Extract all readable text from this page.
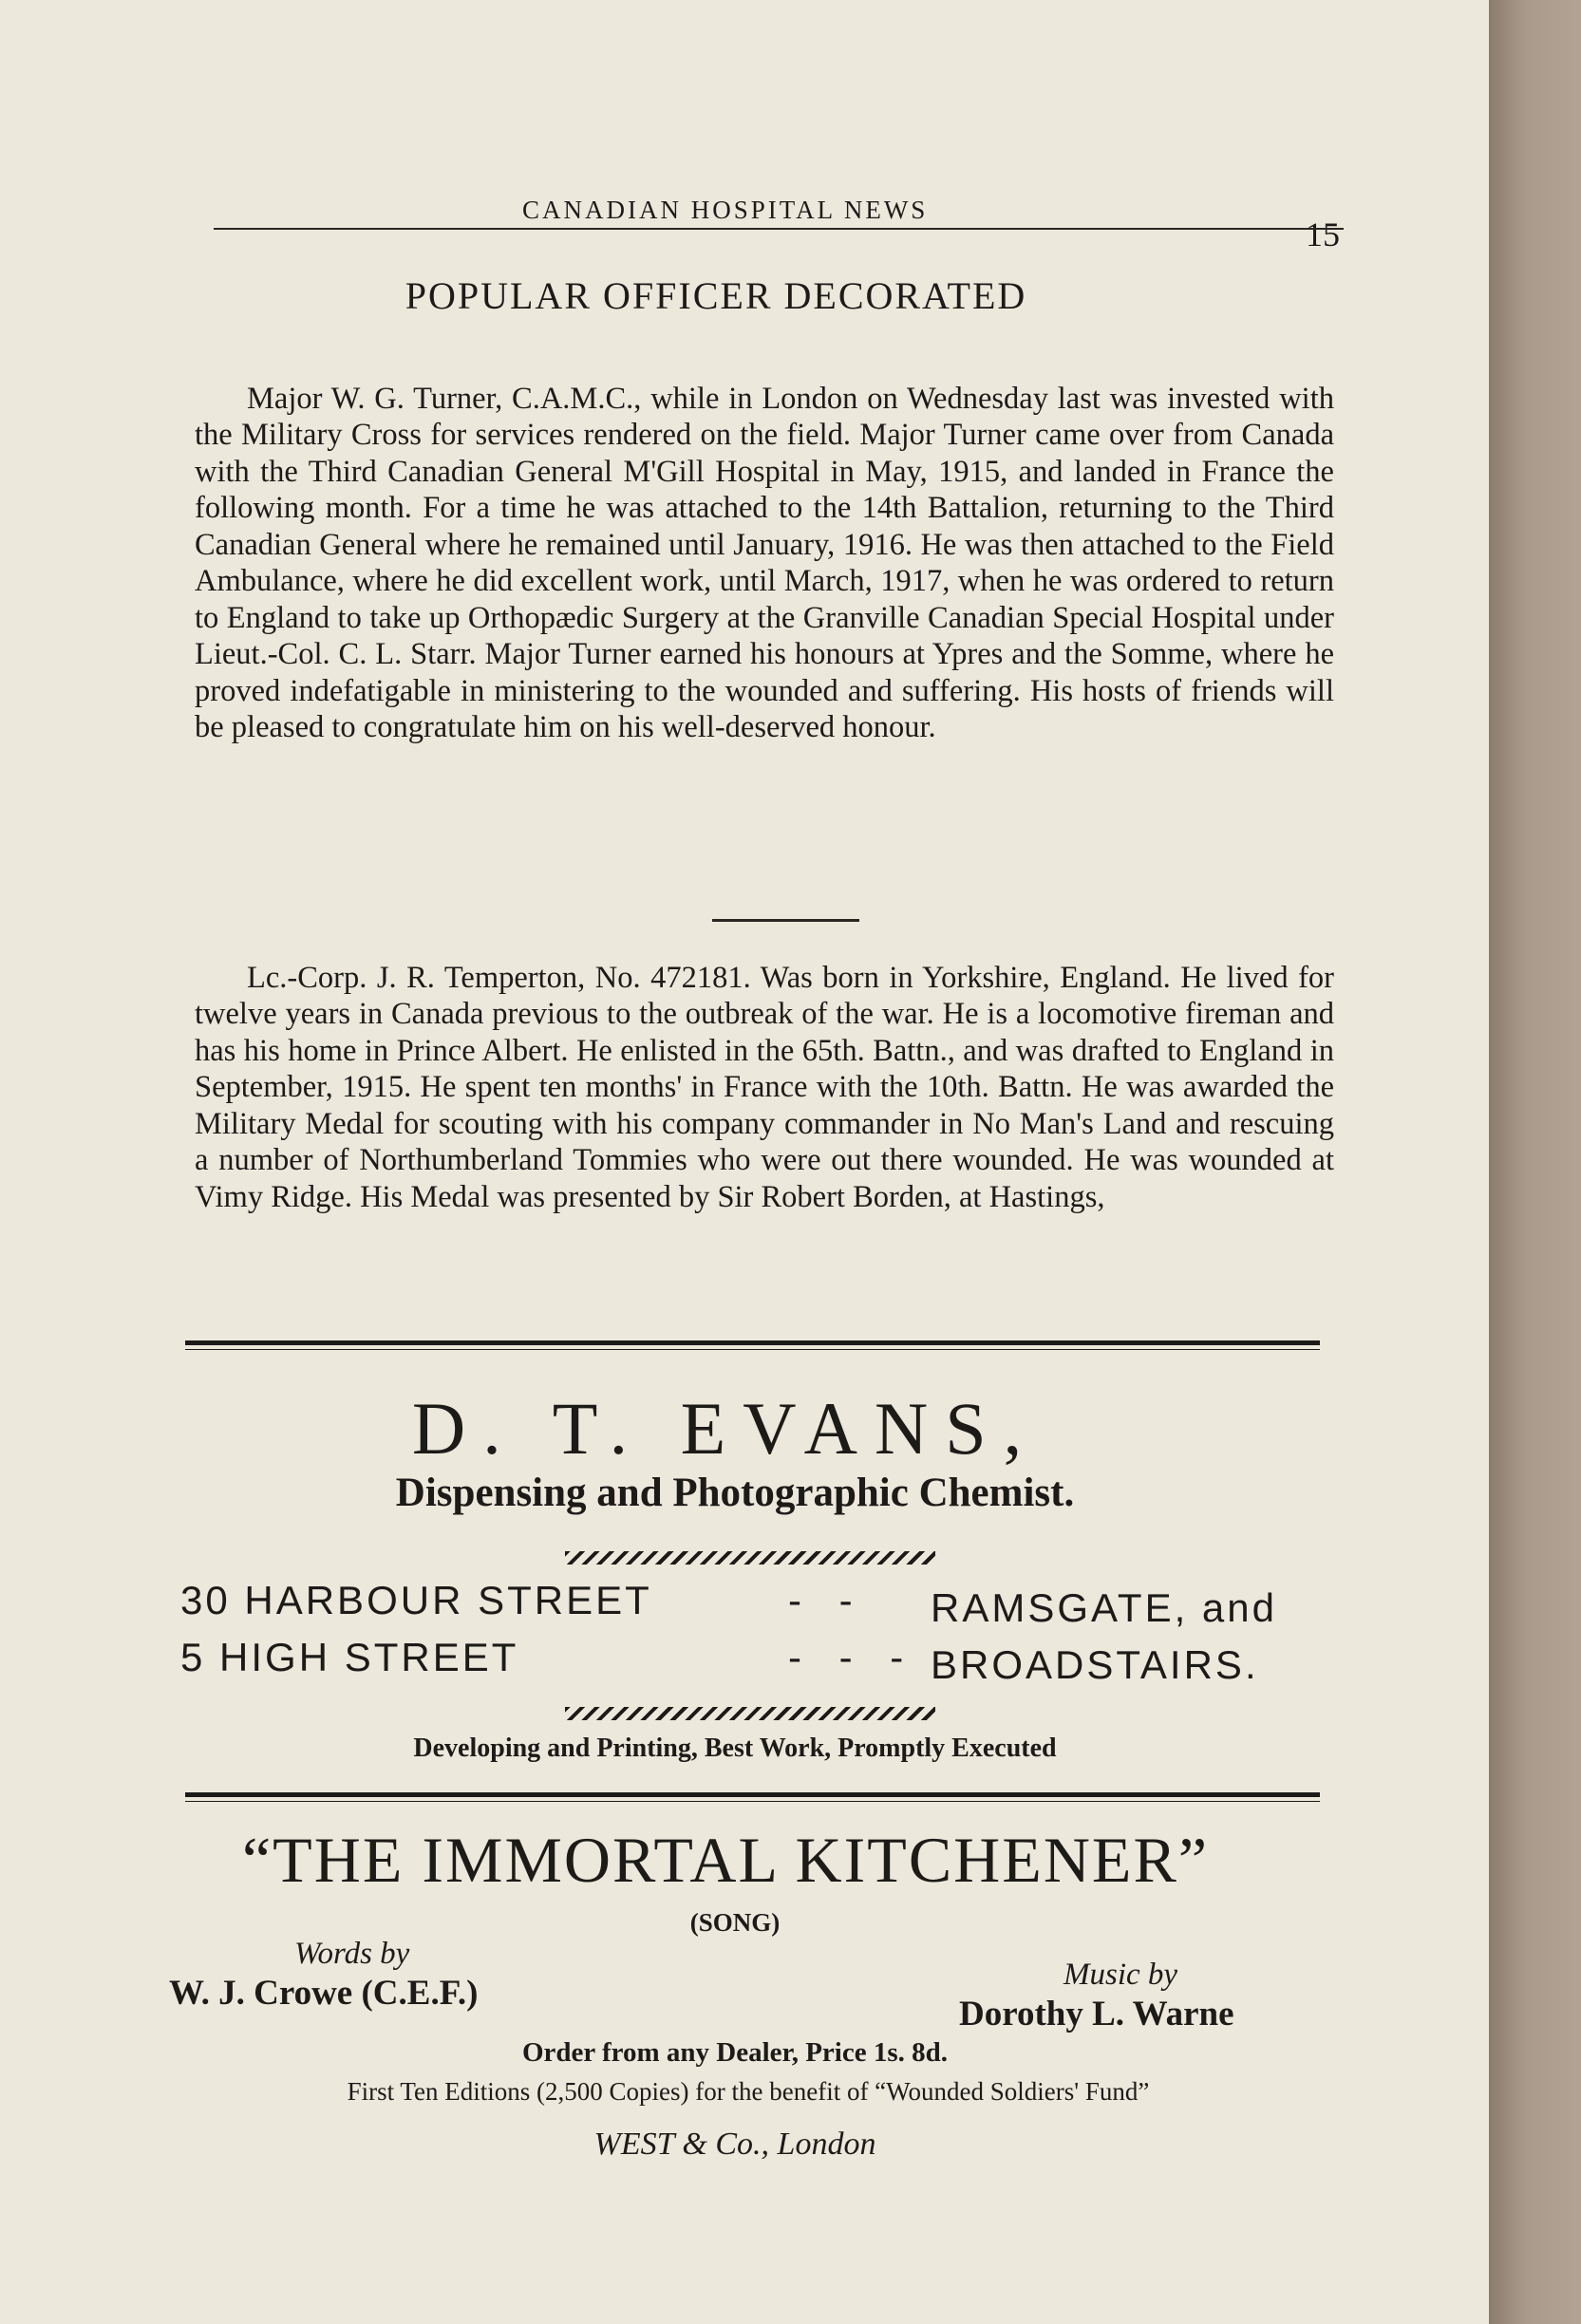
CANADIAN HOSPITAL NEWS
15
POPULAR OFFICER DECORATED

Major W. G. Turner, C.A.M.C., while in London on Wednesday last was invested with the Military Cross for services rendered on the field. Major Turner came over from Canada with the Third Canadian General M'Gill Hospital in May, 1915, and landed in France the following month. For a time he was attached to the 14th Battalion, returning to the Third Canadian General where he remained until January, 1916. He was then attached to the Field Ambulance, where he did excellent work, until March, 1917, when he was ordered to return to England to take up Orthopædic Surgery at the Granville Canadian Special Hospital under Lieut.-Col. C. L. Starr. Major Turner earned his honours at Ypres and the Somme, where he proved indefatigable in ministering to the wounded and suffering. His hosts of friends will be pleased to congratulate him on his well-deserved honour.

Lc.-Corp. J. R. Temperton, No. 472181. Was born in Yorkshire, England. He lived for twelve years in Canada previous to the outbreak of the war. He is a locomotive fireman and has his home in Prince Albert. He enlisted in the 65th. Battn., and was drafted to England in September, 1915. He spent ten months' in France with the 10th. Battn. He was awarded the Military Medal for scouting with his company commander in No Man's Land and rescuing a number of Northumberland Tommies who were out there wounded. He was wounded at Vimy Ridge. His Medal was presented by Sir Robert Borden, at Hastings,

D. T. EVANS,
Dispensing and Photographic Chemist.
30 HARBOUR STREET	- - RAMSGATE, and
5 HIGH STREET	- - - BROADSTAIRS.
Developing and Printing, Best Work, Promptly Executed
“THE IMMORTAL KITCHENER”
(SONG)
Words by
W. J. Crowe (C.E.F.)	Music by
Dorothy L. Warne
Order from any Dealer, Price 1s. 8d.
First Ten Editions (2,500 Copies) for the benefit of “Wounded Soldiers' Fund”
WEST & Co., London
